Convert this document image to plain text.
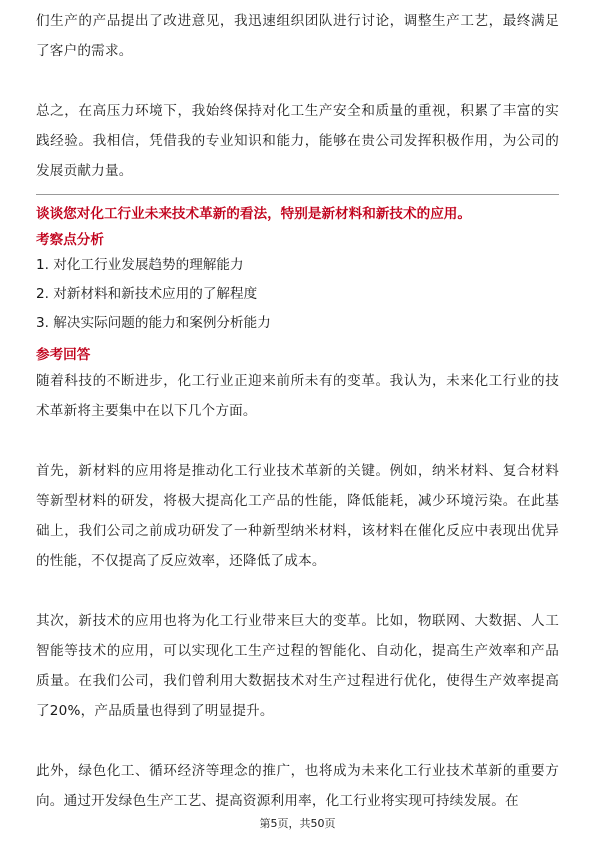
们生产的产品提出了改进意见，我迅速组织团队进行讨论，调整生产工艺，最终满足了客户的需求。

总之，在高压力环境下，我始终保持对化工生产安全和质量的重视，积累了丰富的实践经验。我相信，凭借我的专业知识和能力，能够在贵公司发挥积极作用，为公司的发展贡献力量。

谈谈您对化工行业未来技术革新的看法，特别是新材料和新技术的应用。

考察点分析

1. 对化工行业发展趋势的理解能力

2. 对新材料和新技术应用的了解程度

3. 解决实际问题的能力和案例分析能力

参考回答

随着科技的不断进步，化工行业正迎来前所未有的变革。我认为，未来化工行业的技术革新将主要集中在以下几个方面。

首先，新材料的应用将是推动化工行业技术革新的关键。例如，纳米材料、复合材料等新型材料的研发，将极大提高化工产品的性能，降低能耗，减少环境污染。在此基础上，我们公司之前成功研发了一种新型纳米材料，该材料在催化反应中表现出优异的性能，不仅提高了反应效率，还降低了成本。

其次，新技术的应用也将为化工行业带来巨大的变革。比如，物联网、大数据、人工智能等技术的应用，可以实现化工生产过程的智能化、自动化，提高生产效率和产品质量。在我们公司，我们曾利用大数据技术对生产过程进行优化，使得生产效率提高了20%，产品质量也得到了明显提升。

此外，绿色化工、循环经济等理念的推广，也将成为未来化工行业技术革新的重要方向。通过开发绿色生产工艺、提高资源利用率，化工行业将实现可持续发展。在

第5页，共50页
